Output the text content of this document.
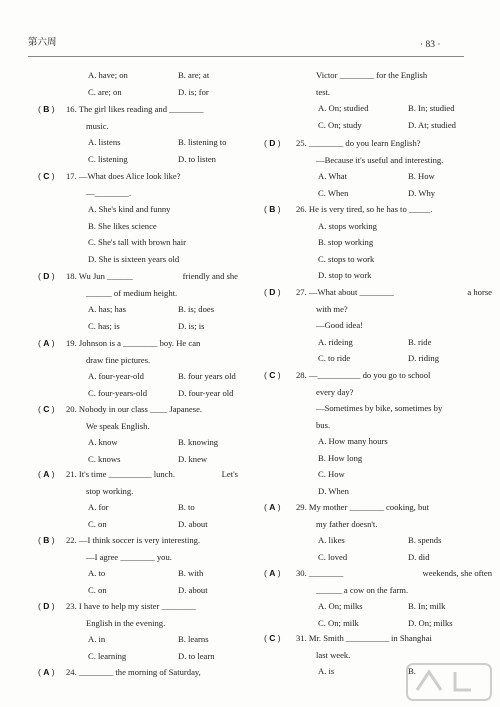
第六周	· 83 ·
A. have; on	B. are; at
C. are; on	D. is; for
( B ) 16. The girl likes reading and ________
music.
A. listens	B. listening to
C. listening	D. to listen
( C ) 17. —What does Alice look like?
—________.
A. She's kind and funny
B. She likes science
C. She's tall with brown hair
D. She is sixteen years old
( D ) 18. Wu Jun ______	friendly and she
______ of medium height.
A. has; has	B. is; does
C. has; is	D. is; is
( A ) 19. Johnson is a ________ boy. He can
draw fine pictures.
A. four-year-old	B. four years old
C. four-years-old	D. four-year old
( C ) 20. Nobody in our class ____ Japanese.
We speak English.
A. know	B. knowing
C. knows	D. knew
( A ) 21. It's time __________ lunch.	Let's
stop working.
A. for	B. to
C. on	D. about
( B ) 22. —I think soccer is very interesting.
—I agree ________ you.
A. to	B. with
C. on	D. about
( D ) 23. I have to help my sister ________
English in the evening.
A. in	B. learns
C. learning	D. to learn
( A ) 24. ________ the morning of Saturday,
Victor ________ for the English
test.
A. On; studied	B. In; studied
C. On; study	D. At; studied
( D ) 25. ________ do you learn English?
—Because it's useful and interesting.
A. What	B. How
C. When	D. Why
( B ) 26. He is very tired, so he has to _____.
A. stops working
B. stop working
C. stops to work
D. stop to work
( D ) 27. —What about ________	a horse
with me?
—Good idea!
A. rideing	B. ride
C. to ride	D. riding
( C ) 28. —__________ do you go to school
every day?
—Sometimes by bike, sometimes by
bus.
A. How many hours
B. How long
C. How
D. When
( A ) 29. My mother ________ cooking, but
my father doesn't.
A. likes	B. spends
C. loved	D. did
( A ) 30. ________	weekends, she often
______ a cow on the farm.
A. On; milks	B. In; milk
C. On; milk	D. On; milks
( C ) 31. Mr. Smith __________ in Shanghai
last week.
A. is	B.
